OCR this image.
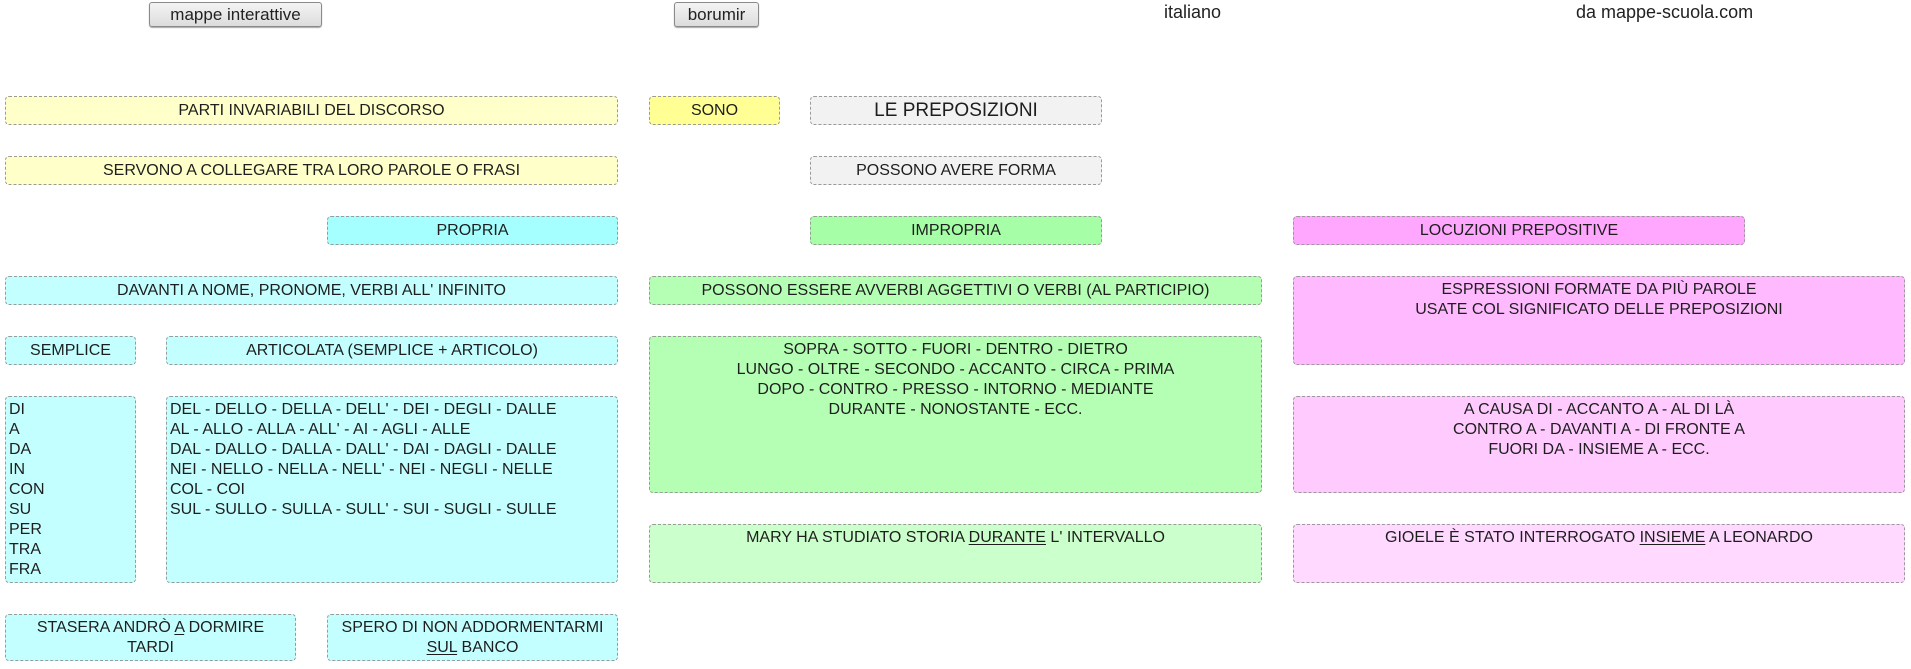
mappe interattive	borumir	italiano	da mappe-scuola.com
PARTI INVARIABILI DEL DISCORSO	SONO	LE PREPOSIZIONI
SERVONO A COLLEGARE TRA LORO PAROLE O FRASI	POSSONO AVERE FORMA
PROPRIA	IMPROPRIA	LOCUZIONI PREPOSITIVE
DAVANTI A NOME, PRONOME, VERBI ALL' INFINITO	POSSONO ESSERE AVVERBI AGGETTIVI O VERBI (AL PARTICIPIO)	ESPRESSIONI FORMATE DA PIÙ PAROLE
USATE COL SIGNIFICATO DELLE PREPOSIZIONI
SEMPLICE	ARTICOLATA (SEMPLICE + ARTICOLO)
DI
A
DA
IN
CON
SU
PER
TRA
FRA
DEL - DELLO - DELLA - DELL' - DEI - DEGLI - DALLE
AL - ALLO - ALLA - ALL' - AI - AGLI - ALLE
DAL - DALLO - DALLA - DALL' - DAI - DAGLI - DALLE
NEI - NELLO - NELLA - NELL' - NEI - NEGLI - NELLE
COL - COI
SUL - SULLO - SULLA - SULL' - SUI - SUGLI - SULLE
SOPRA - SOTTO - FUORI - DENTRO - DIETRO
LUNGO - OLTRE - SECONDO - ACCANTO - CIRCA - PRIMA
DOPO - CONTRO - PRESSO - INTORNO - MEDIANTE
DURANTE - NONOSTANTE - ECC.	A CAUSA DI - ACCANTO A - AL DI LÀ
CONTRO A - DAVANTI A - DI FRONTE A
FUORI DA - INSIEME A - ECC.
MARY HA STUDIATO STORIA DURANTE L' INTERVALLO	GIOELE È STATO INTERROGATO INSIEME A LEONARDO
STASERA ANDRÒ A DORMIRE
TARDI
SPERO DI NON ADDORMENTARMI
SUL BANCO
